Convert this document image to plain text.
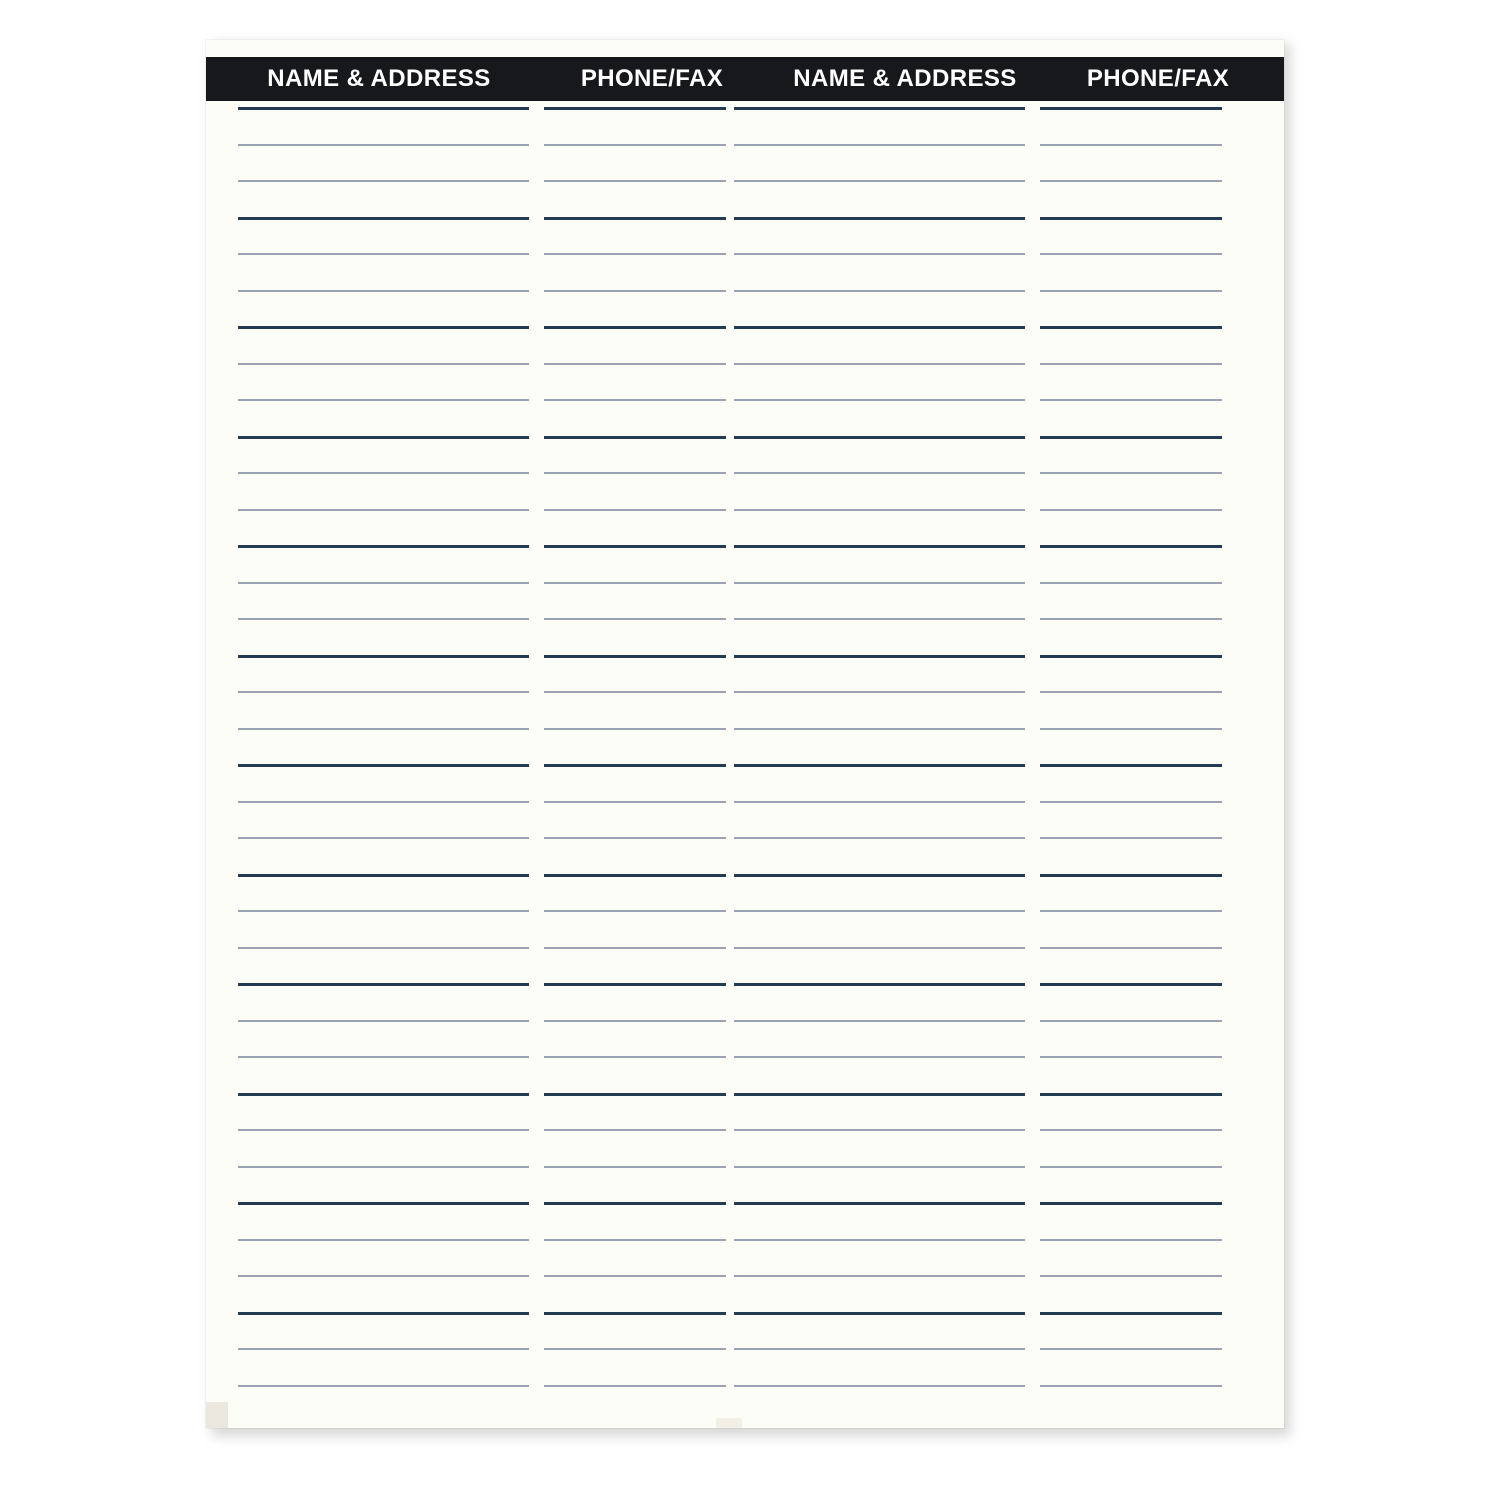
NAME & ADDRESS	PHONE/FAX	NAME & ADDRESS	PHONE/FAX
